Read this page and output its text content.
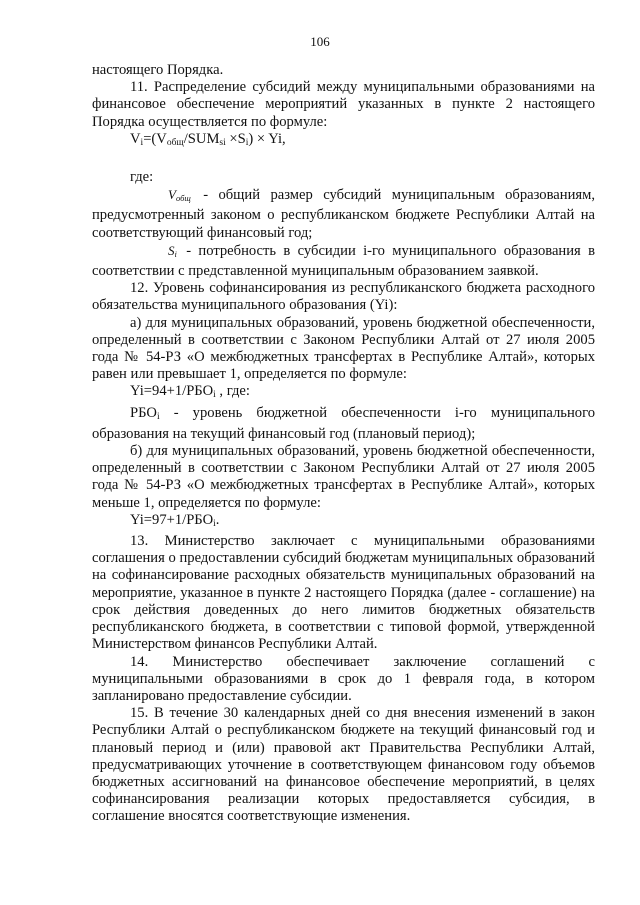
106

настоящего Порядка.

11. Распределение субсидий между муниципальными образованиями на финансовое обеспечение мероприятий указанных в пункте 2 настоящего Порядка осуществляется по формуле:

$V_i=(V_{общ}/SUM_{si} \times S_i) \times Yi$,

где:

$V_{общ}$ - общий размер субсидий муниципальным образованиям, предусмотренный законом о республиканском бюджете Республики Алтай на соответствующий финансовый год;

$S_i$ - потребность в субсидии i-го муниципального образования в соответствии с представленной муниципальным образованием заявкой.

12. Уровень софинансирования из республиканского бюджета расходного обязательства муниципального образования (Yi):

а) для муниципальных образований, уровень бюджетной обеспеченности, определенный в соответствии с Законом Республики Алтай от 27 июля 2005 года № 54-РЗ «О межбюджетных трансфертах в Республике Алтай», которых равен или превышает 1, определяется по формуле:

$Yi=94+1/РБО_i$ , где:

$РБО_i$ - уровень бюджетной обеспеченности i-го муниципального образования на текущий финансовый год (плановый период);

б) для муниципальных образований, уровень бюджетной обеспеченности, определенный в соответствии с Законом Республики Алтай от 27 июля 2005 года № 54-РЗ «О межбюджетных трансфертах в Республике Алтай», которых меньше 1, определяется по формуле:

$Yi=97+1/РБО_i$.

13. Министерство заключает с муниципальными образованиями соглашения о предоставлении субсидий бюджетам муниципальных образований на софинансирование расходных обязательств муниципальных образований на мероприятие, указанное в пункте 2 настоящего Порядка (далее - соглашение) на срок действия доведенных до него лимитов бюджетных обязательств республиканского бюджета, в соответствии с типовой формой, утвержденной Министерством финансов Республики Алтай.

14. Министерство обеспечивает заключение соглашений с муниципальными образованиями в срок до 1 февраля года, в котором запланировано предоставление субсидии.

15. В течение 30 календарных дней со дня внесения изменений в закон Республики Алтай о республиканском бюджете на текущий финансовый год и плановый период и (или) правовой акт Правительства Республики Алтай, предусматривающих уточнение в соответствующем финансовом году объемов бюджетных ассигнований на финансовое обеспечение мероприятий, в целях софинансирования реализации которых предоставляется субсидия, в соглашение вносятся соответствующие изменения.
